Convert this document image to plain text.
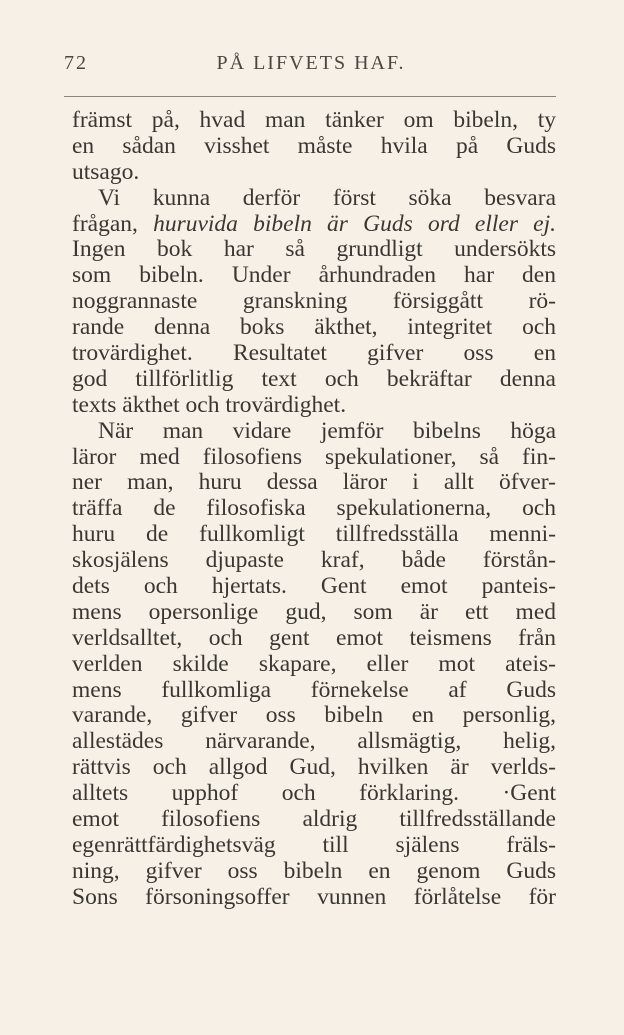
72	PÅ LIFVETS HAF.
främst på, hvad man tänker om bibeln, ty
en sådan visshet måste hvila på Guds
utsago.
Vi kunna derför först söka besvara
frågan, huruvida bibeln är Guds ord eller ej.
Ingen bok har så grundligt undersökts
som bibeln. Under århundraden har den
noggrannaste granskning försiggått rö-
rande denna boks äkthet, integritet och
trovärdighet. Resultatet gifver oss en
god tillförlitlig text och bekräftar denna
texts äkthet och trovärdighet.
När man vidare jemför bibelns höga
läror med filosofiens spekulationer, så fin-
ner man, huru dessa läror i allt öfver-
träffa de filosofiska spekulationerna, och
huru de fullkomligt tillfredsställa menni-
skosjälens djupaste kraf, både förstån-
dets och hjertats. Gent emot panteis-
mens opersonlige gud, som är ett med
verldsalltet, och gent emot teismens från
verlden skilde skapare, eller mot ateis-
mens fullkomliga förnekelse af Guds
varande, gifver oss bibeln en personlig,
allestädes närvarande, allsmägtig, helig,
rättvis och allgod Gud, hvilken är verlds-
alltets upphof och förklaring. ·Gent
emot filosofiens aldrig tillfredsställande
egenrättfärdighetsväg till själens fräls-
ning, gifver oss bibeln en genom Guds
Sons försoningsoffer vunnen förlåtelse för
